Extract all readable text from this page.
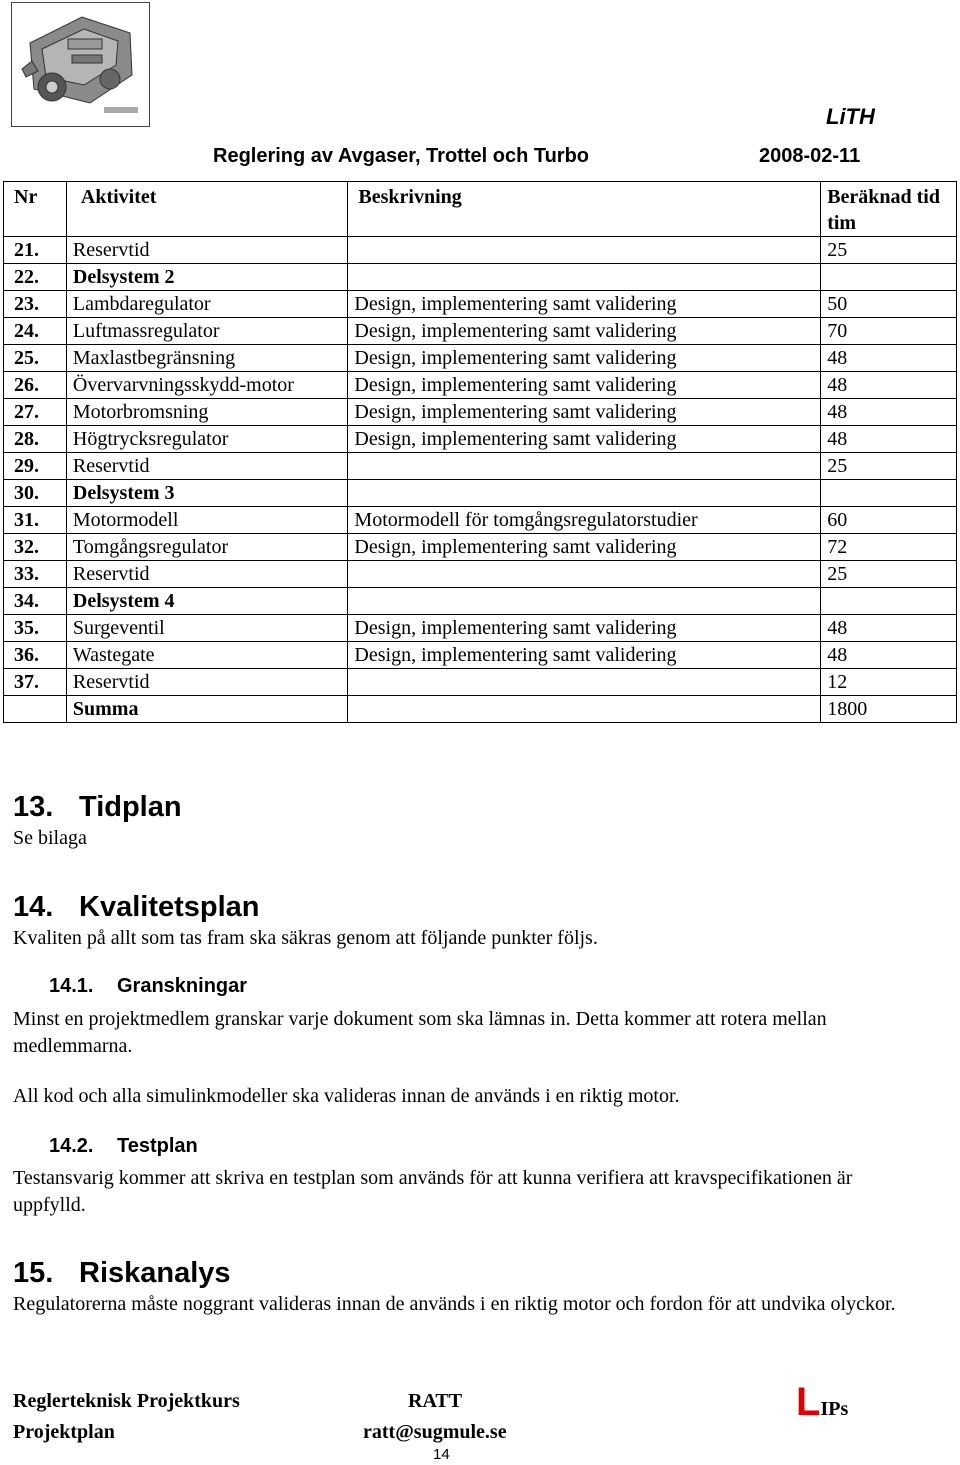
LiTH
Reglering av Avgaser, Trottel och Turbo	2008-02-11
Nr	Aktivitet	Beskrivning	Beräknad tid tim
21.	Reservtid		25
22.	Delsystem 2		
23.	Lambdaregulator	Design, implementering samt validering	50
24.	Luftmassregulator	Design, implementering samt validering	70
25.	Maxlastbegränsning	Design, implementering samt validering	48
26.	Övervarvningsskydd-motor	Design, implementering samt validering	48
27.	Motorbromsning	Design, implementering samt validering	48
28.	Högtrycksregulator	Design, implementering samt validering	48
29.	Reservtid		25
30.	Delsystem 3		
31.	Motormodell	Motormodell för tomgångsregulatorstudier	60
32.	Tomgångsregulator	Design, implementering samt validering	72
33.	Reservtid		25
34.	Delsystem 4		
35.	Surgeventil	Design, implementering samt validering	48
36.	Wastegate	Design, implementering samt validering	48
37.	Reservtid		12
	Summa		1800
13. Tidplan
Se bilaga
14. Kvalitetsplan
Kvaliten på allt som tas fram ska säkras genom att följande punkter följs.
14.1. Granskningar
Minst en projektmedlem granskar varje dokument som ska lämnas in. Detta kommer att rotera mellan medlemmarna.
All kod och alla simulinkmodeller ska valideras innan de används i en riktig motor.
14.2. Testplan
Testansvarig kommer att skriva en testplan som används för att kunna verifiera att kravspecifikationen är uppfylld.
15. Riskanalys
Regulatorerna måste noggrant valideras innan de används i en riktig motor och fordon för att undvika olyckor.
Reglerteknisk Projektkurs
Projektplan
RATT
ratt@sugmule.se
LIPs
14
